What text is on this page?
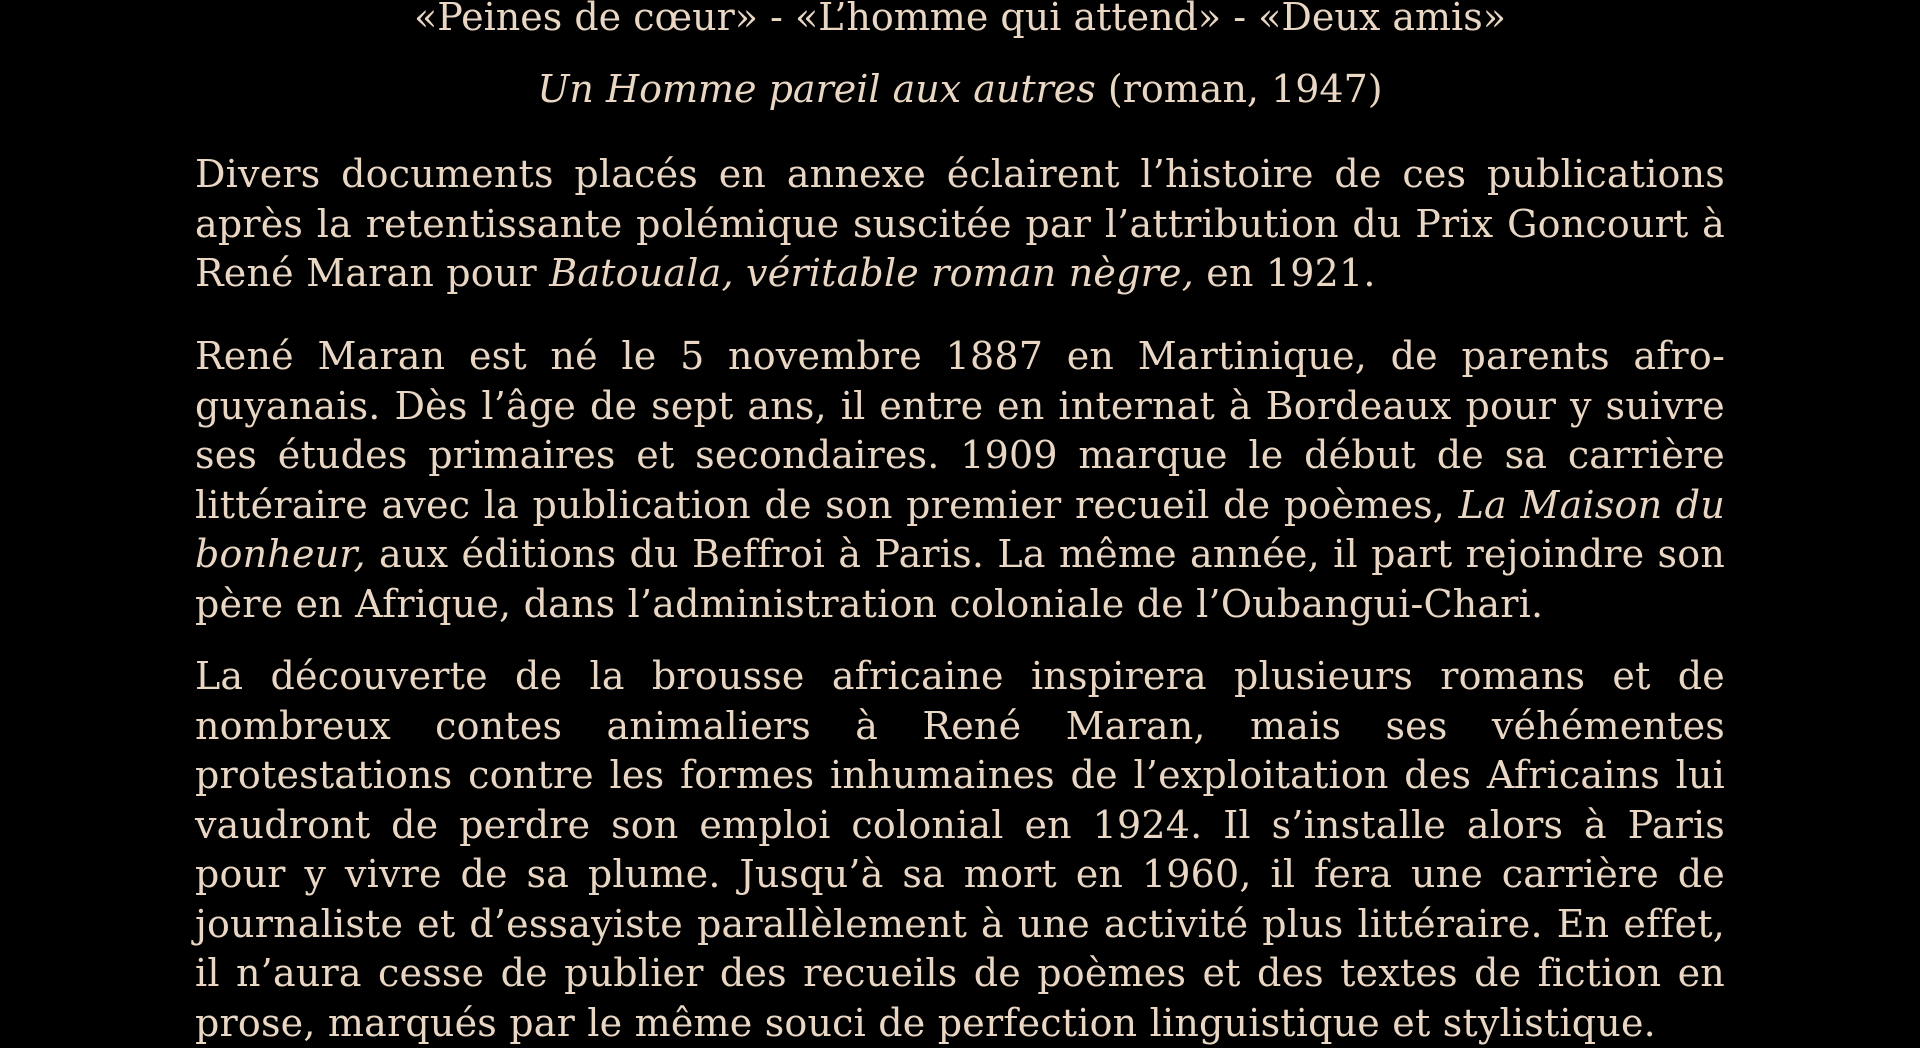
«Peines de cœur» - «L’homme qui attend» - «Deux amis»
Un Homme pareil aux autres (roman, 1947)
Divers documents placés en annexe éclairent l’histoire de ces publications après la retentissante polémique suscitée par l’attribution du Prix Goncourt à René Maran pour Batouala, véritable roman nègre, en 1921.
René Maran est né le 5 novembre 1887 en Martinique, de parents afro-guyanais. Dès l’âge de sept ans, il entre en internat à Bordeaux pour y suivre ses études primaires et secondaires. 1909 marque le début de sa carrière littéraire avec la publication de son premier recueil de poèmes, La Maison du bonheur, aux éditions du Beffroi à Paris. La même année, il part rejoindre son père en Afrique, dans l’administration coloniale de l’Oubangui-Chari.
La découverte de la brousse africaine inspirera plusieurs romans et de nombreux contes animaliers à René Maran, mais ses véhémentes protestations contre les formes inhumaines de l’exploitation des Africains lui vaudront de perdre son emploi colonial en 1924. Il s’installe alors à Paris pour y vivre de sa plume. Jusqu’à sa mort en 1960, il fera une carrière de journaliste et d’essayiste parallèlement à une activité plus littéraire. En effet, il n’aura cesse de publier des recueils de poèmes et des textes de fiction en prose, marqués par le même souci de perfection linguistique et stylistique.
